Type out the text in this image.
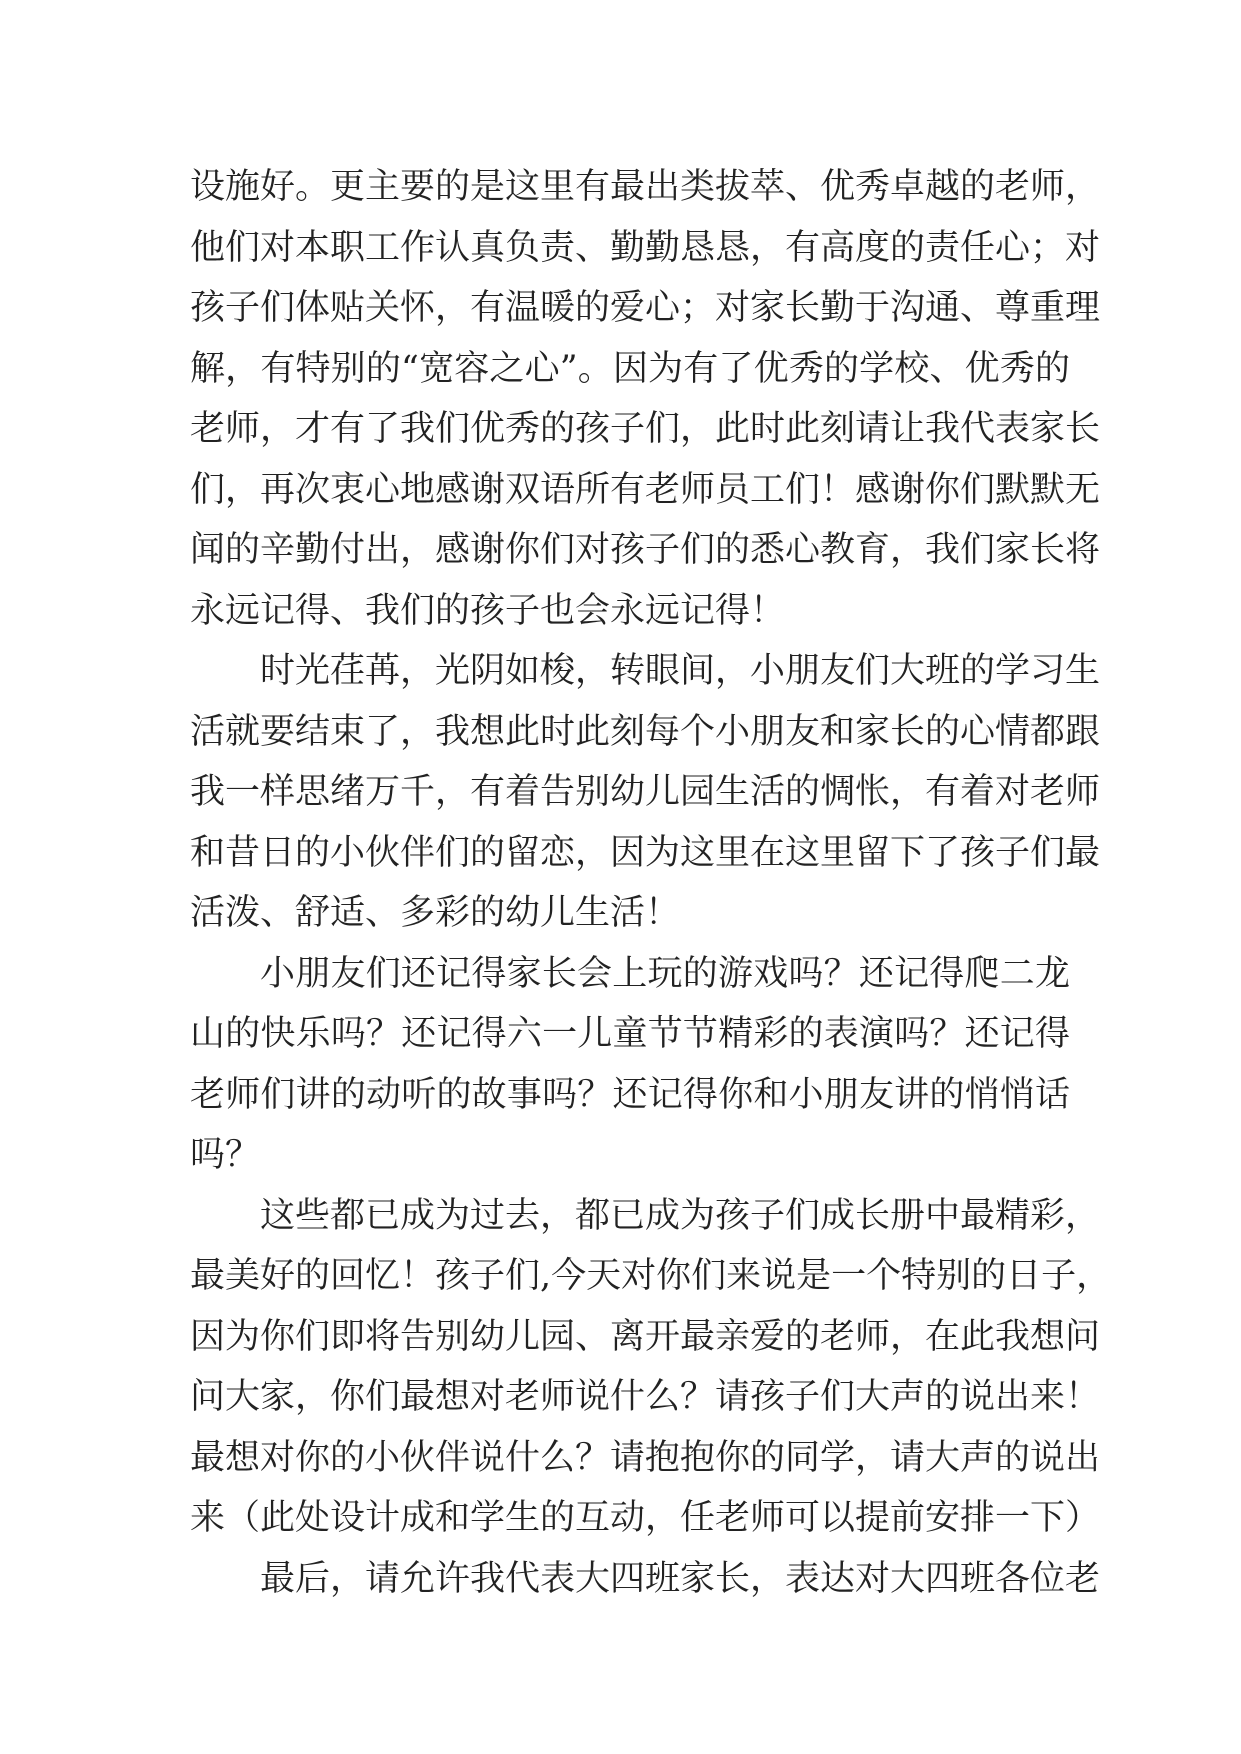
设施好。更主要的是这里有最出类拔萃、优秀卓越的老师，
他们对本职工作认真负责、勤勤恳恳，有高度的责任心；对
孩子们体贴关怀，有温暖的爱心；对家长勤于沟通、尊重理
解，有特别的“宽容之心”。因为有了优秀的学校、优秀的
老师，才有了我们优秀的孩子们，此时此刻请让我代表家长
们，再次衷心地感谢双语所有老师员工们！感谢你们默默无
闻的辛勤付出，感谢你们对孩子们的悉心教育，我们家长将
永远记得、我们的孩子也会永远记得！
时光荏苒，光阴如梭，转眼间，小朋友们大班的学习生
活就要结束了，我想此时此刻每个小朋友和家长的心情都跟
我一样思绪万千，有着告别幼儿园生活的惆怅，有着对老师
和昔日的小伙伴们的留恋，因为这里在这里留下了孩子们最
活泼、舒适、多彩的幼儿生活！
小朋友们还记得家长会上玩的游戏吗？还记得爬二龙
山的快乐吗？还记得六一儿童节节精彩的表演吗？还记得
老师们讲的动听的故事吗？还记得你和小朋友讲的悄悄话
吗？
这些都已成为过去，都已成为孩子们成长册中最精彩，
最美好的回忆！孩子们,今天对你们来说是一个特别的日子，
因为你们即将告别幼儿园、离开最亲爱的老师，在此我想问
问大家，你们最想对老师说什么？请孩子们大声的说出来！
最想对你的小伙伴说什么？请抱抱你的同学，请大声的说出
来（此处设计成和学生的互动，任老师可以提前安排一下）
最后，请允许我代表大四班家长，表达对大四班各位老
